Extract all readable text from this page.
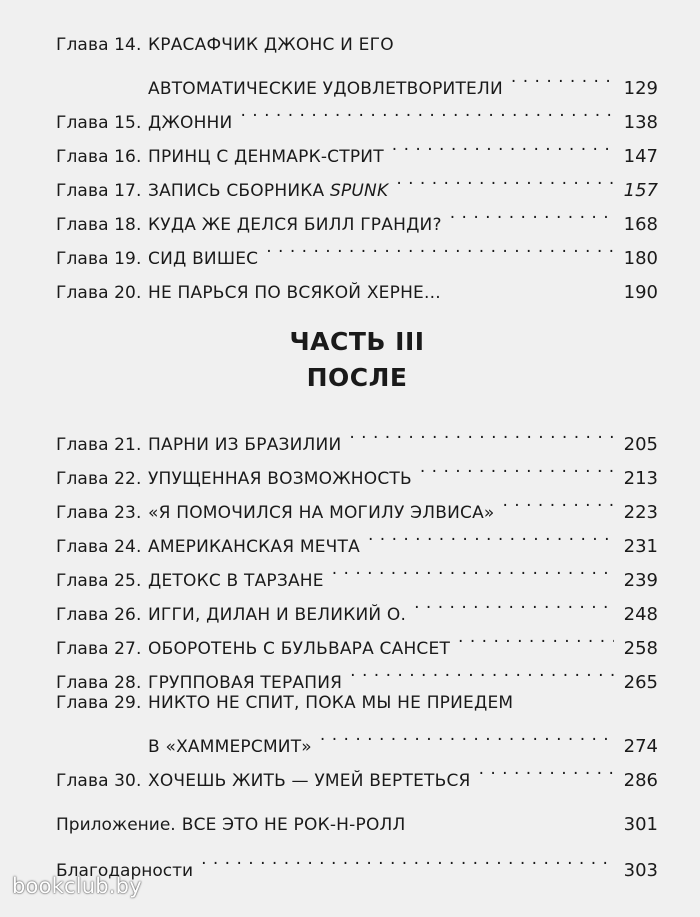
Глава 14. КРАСАФЧИК ДЖОНС И ЕГО
АВТОМАТИЧЕСКИЕ УДОВЛЕТВОРИТЕЛИ . . .	129
Глава 15. ДЖОННИ . . .	138
Глава 16. ПРИНЦ С ДЕНМАРК-СТРИТ . . .	147
Глава 17. ЗАПИСЬ СБОРНИКА SPUNK . . .	157
Глава 18. КУДА ЖЕ ДЕЛСЯ БИЛЛ ГРАНДИ? . . .	168
Глава 19. СИД ВИШЕС . . .	180
Глава 20. НЕ ПАРЬСЯ ПО ВСЯКОЙ ХЕРНЕ...	190
ЧАСТЬ III
ПОСЛЕ
Глава 21. ПАРНИ ИЗ БРАЗИЛИИ . . .	205
Глава 22. УПУЩЕННАЯ ВОЗМОЖНОСТЬ . . .	213
Глава 23. «Я ПОМОЧИЛСЯ НА МОГИЛУ ЭЛВИСА» . . .	223
Глава 24. АМЕРИКАНСКАЯ МЕЧТА . . .	231
Глава 25. ДЕТОКС В ТАРЗАНЕ . . .	239
Глава 26. ИГГИ, ДИЛАН И ВЕЛИКИЙ О. . . .	248
Глава 27. ОБОРОТЕНЬ С БУЛЬВАРА САНСЕТ . . .	258
Глава 28. ГРУППОВАЯ ТЕРАПИЯ . . .	265
Глава 29. НИКТО НЕ СПИТ, ПОКА МЫ НЕ ПРИЕДЕМ
В «ХАММЕРСМИТ» . . .	274
Глава 30. ХОЧЕШЬ ЖИТЬ — УМЕЙ ВЕРТЕТЬСЯ . . .	286
Приложение. ВСЕ ЭТО НЕ РОК-Н-РОЛЛ	301
Благодарности . . .	303
bookclub.by
